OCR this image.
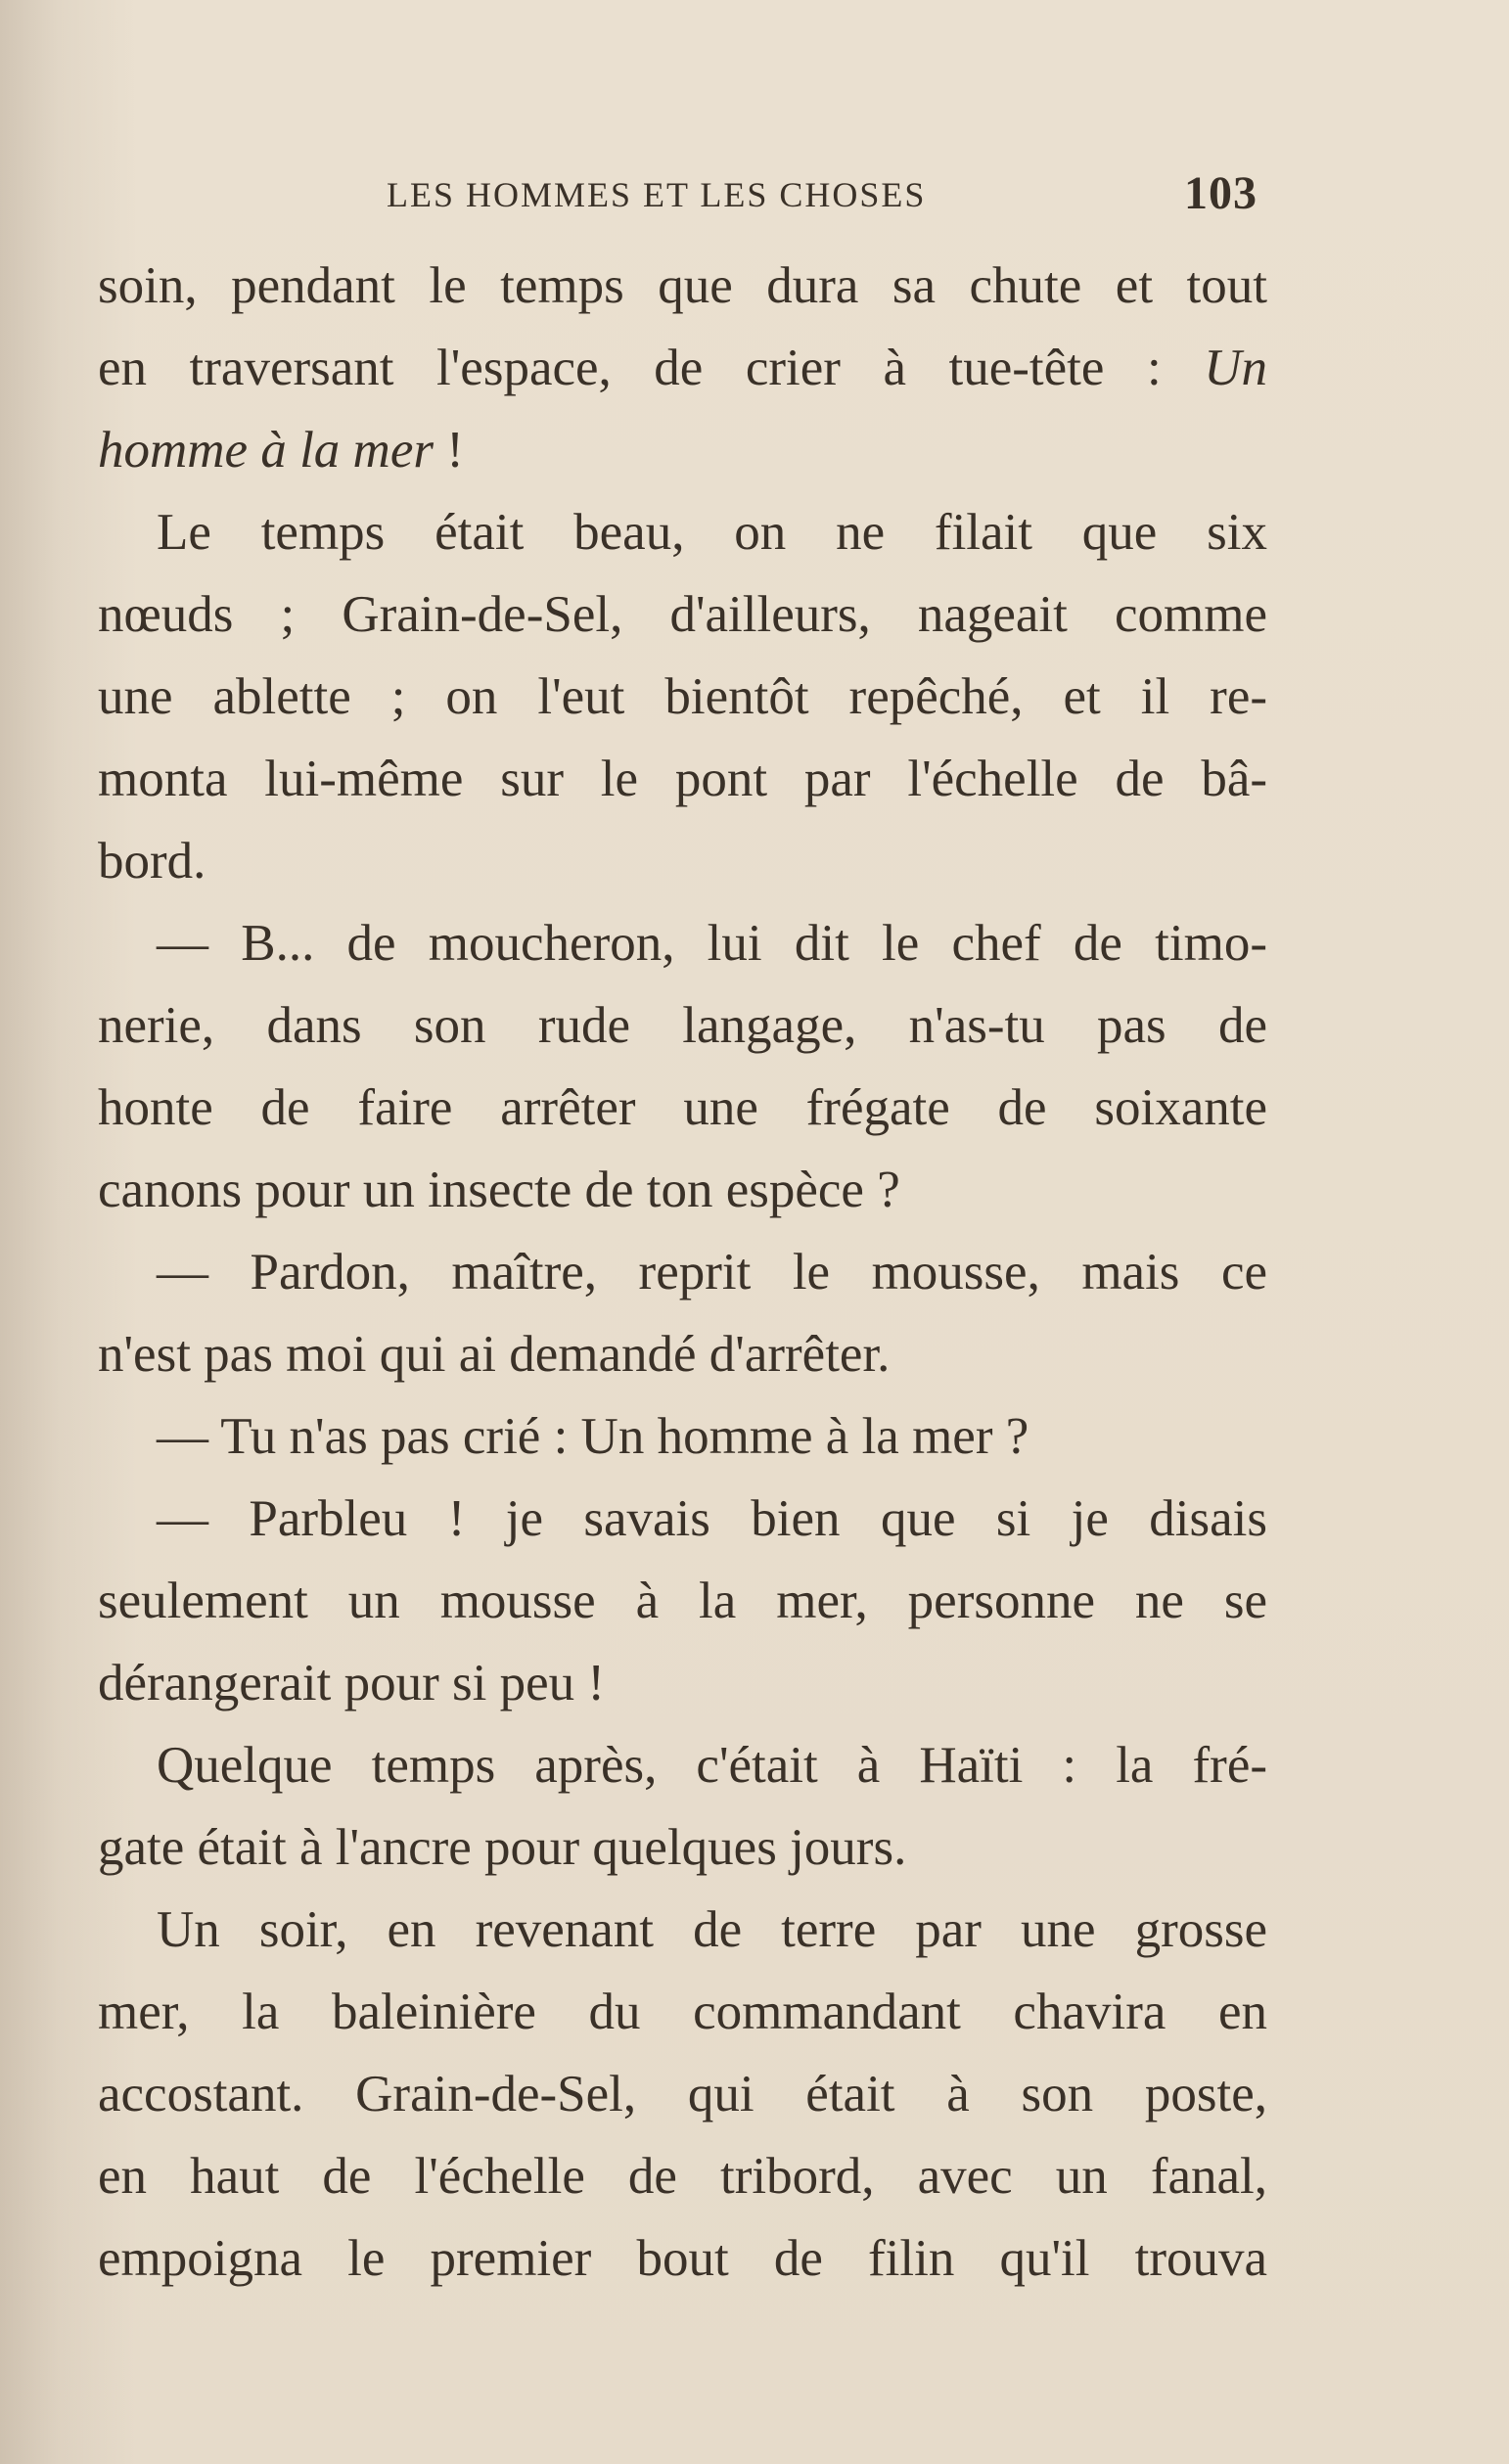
LES HOMMES ET LES CHOSES	103
soin, pendant le temps que dura sa chute et tout
en traversant l'espace, de crier à tue-tête : Un
homme à la mer !
Le temps était beau, on ne filait que six
nœuds ; Grain-de-Sel, d'ailleurs, nageait comme
une ablette ; on l'eut bientôt repêché, et il re-
monta lui-même sur le pont par l'échelle de bâ-
bord.
— B... de moucheron, lui dit le chef de timo-
nerie, dans son rude langage, n'as-tu pas de
honte de faire arrêter une frégate de soixante
canons pour un insecte de ton espèce ?
— Pardon, maître, reprit le mousse, mais ce
n'est pas moi qui ai demandé d'arrêter.
— Tu n'as pas crié : Un homme à la mer ?
— Parbleu ! je savais bien que si je disais
seulement un mousse à la mer, personne ne se
dérangerait pour si peu !
Quelque temps après, c'était à Haïti : la fré-
gate était à l'ancre pour quelques jours.
Un soir, en revenant de terre par une grosse
mer, la baleinière du commandant chavira en
accostant. Grain-de-Sel, qui était à son poste,
en haut de l'échelle de tribord, avec un fanal,
empoigna le premier bout de filin qu'il trouva
